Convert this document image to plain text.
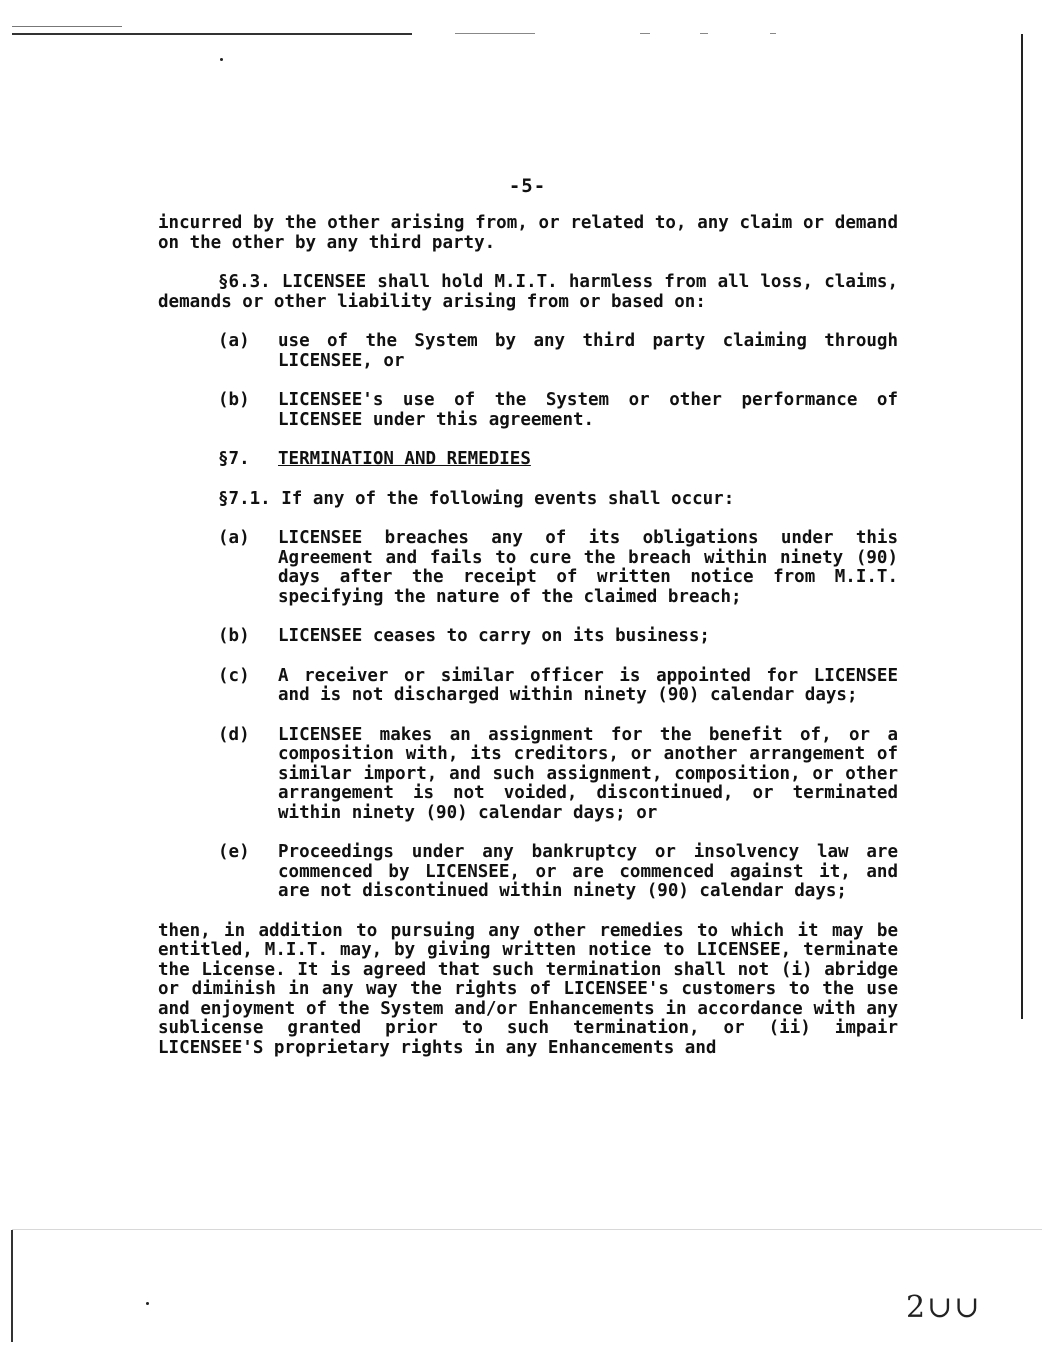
-5-

incurred by the other arising from, or related to, any claim or demand on the other by any third party.

§6.3. LICENSEE shall hold M.I.T. harmless from all loss, claims, demands or other liability arising from or based on:

(a) use of the System by any third party claiming through LICENSEE, or
(b) LICENSEE's use of the System or other performance of LICENSEE under this agreement.
§7. TERMINATION AND REMEDIES

§7.1. If any of the following events shall occur:

(a) LICENSEE breaches any of its obligations under this Agreement and fails to cure the breach within ninety (90) days after the receipt of written notice from M.I.T. specifying the nature of the claimed breach;
(b) LICENSEE ceases to carry on its business;
(c) A receiver or similar officer is appointed for LICENSEE and is not discharged within ninety (90) calendar days;
(d) LICENSEE makes an assignment for the benefit of, or a composition with, its creditors, or another arrangement of similar import, and such assignment, composition, or other arrangement is not voided, discontinued, or terminated within ninety (90) calendar days; or
(e) Proceedings under any bankruptcy or insolvency law are commenced by LICENSEE, or are commenced against it, and are not discontinued within ninety (90) calendar days;

then, in addition to pursuing any other remedies to which it may be entitled, M.I.T. may, by giving written notice to LICENSEE, terminate the License. It is agreed that such termination shall not (i) abridge or diminish in any way the rights of LICENSEE's customers to the use and enjoyment of the System and/or Enhancements in accordance with any sublicense granted prior to such termination, or (ii) impair LICENSEE'S proprietary rights in any Enhancements and

2∪∪
